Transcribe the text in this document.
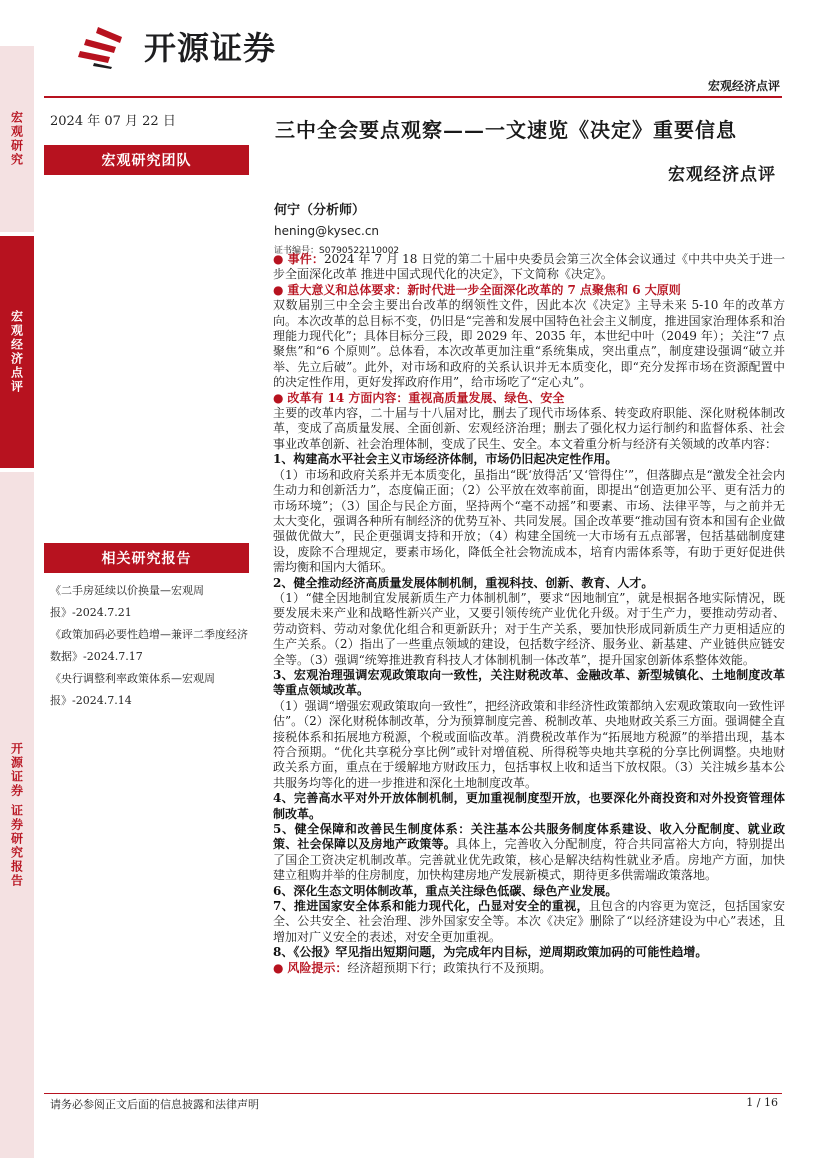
宏观研究
宏观经济点评
开源证券 证券研究报告
开源证券
宏观经济点评
2024 年 07 月 22 日	三中全会要点观察——一文速览《决定》重要信息
宏观经济点评
宏观研究团队
何宁（分析师）
hening@kysec.cn
证书编号：S0790522110002

● 事件：2024 年 7 月 18 日党的第二十届中央委员会第三次全体会议通过《中共中央关于进一步全面深化改革 推进中国式现代化的决定》，下文简称《决定》。

● 重大意义和总体要求：新时代进一步全面深化改革的 7 点聚焦和 6 大原则

双数届别三中全会主要出台改革的纲领性文件，因此本次《决定》主导未来 5-10 年的改革方向。本次改革的总目标不变，仍旧是“完善和发展中国特色社会主义制度，推进国家治理体系和治理能力现代化”；具体目标分三段，即 2029 年、2035 年，本世纪中叶（2049 年）；关注“7 点聚焦”和“6 个原则”。总体看，本次改革更加注重“系统集成，突出重点”，制度建设强调“破立并举、先立后破”。此外，对市场和政府的关系认识并无本质变化，即“充分发挥市场在资源配置中的决定性作用，更好发挥政府作用”，给市场吃了“定心丸”。

● 改革有 14 方面内容：重视高质量发展、绿色、安全

主要的改革内容，二十届与十八届对比，删去了现代市场体系、转变政府职能、深化财税体制改革，变成了高质量发展、全面创新、宏观经济治理；删去了强化权力运行制约和监督体系、社会事业改革创新、社会治理体制，变成了民生、安全。本文着重分析与经济有关领域的改革内容：

1、构建高水平社会主义市场经济体制，市场仍旧起决定性作用。

（1）市场和政府关系并无本质变化，虽指出“既‘放得活’又‘管得住’”，但落脚点是“激发全社会内生动力和创新活力”，态度偏正面；（2）公平放在效率前面，即提出“创造更加公平、更有活力的市场环境”；（3）国企与民企方面，坚持两个“毫不动摇”和要素、市场、法律平等，与之前并无太大变化，强调各种所有制经济的优势互补、共同发展。国企改革要“推动国有资本和国有企业做强做优做大”，民企更强调支持和开放；（4）构建全国统一大市场有五点部署，包括基础制度建设，废除不合理规定，要素市场化，降低全社会物流成本，培育内需体系等，有助于更好促进供需均衡和国内大循环。

2、健全推动经济高质量发展体制机制，重视科技、创新、教育、人才。

（1）“健全因地制宜发展新质生产力体制机制”，要求“因地制宜”，就是根据各地实际情况，既要发展未来产业和战略性新兴产业，又要引领传统产业优化升级。对于生产力，要推动劳动者、劳动资料、劳动对象优化组合和更新跃升；对于生产关系，要加快形成同新质生产力更相适应的生产关系。（2）指出了一些重点领域的建设，包括数字经济、服务业、新基建、产业链供应链安全等。（3）强调“统筹推进教育科技人才体制机制一体改革”，提升国家创新体系整体效能。

3、宏观治理强调宏观政策取向一致性，关注财税改革、金融改革、新型城镇化、土地制度改革等重点领域改革。

（1）强调“增强宏观政策取向一致性”，把经济政策和非经济性政策都纳入宏观政策取向一致性评估”。（2）深化财税体制改革，分为预算制度完善、税制改革、央地财政关系三方面。强调健全直接税体系和拓展地方税源，个税或面临改革。消费税改革作为“拓展地方税源”的举措出现，基本符合预期。“优化共享税分享比例”或针对增值税、所得税等央地共享税的分享比例调整。央地财政关系方面，重点在于缓解地方财政压力，包括事权上收和适当下放权限。（3）关注城乡基本公共服务均等化的进一步推进和深化土地制度改革。

4、完善高水平对外开放体制机制，更加重视制度型开放，也要深化外商投资和对外投资管理体制改革。

5、健全保障和改善民生制度体系：关注基本公共服务制度体系建设、收入分配制度、就业政策、社会保障以及房地产政策等。具体上，完善收入分配制度，符合共同富裕大方向，特别提出了国企工资决定机制改革。完善就业优先政策，核心是解决结构性就业矛盾。房地产方面，加快建立租购并举的住房制度，加快构建房地产发展新模式，期待更多供需端政策落地。

6、深化生态文明体制改革，重点关注绿色低碳、绿色产业发展。

7、推进国家安全体系和能力现代化，凸显对安全的重视，且包含的内容更为宽泛，包括国家安全、公共安全、社会治理、涉外国家安全等。本次《决定》删除了“以经济建设为中心”表述，且增加对广义安全的表述，对安全更加重视。

8、《公报》罕见指出短期问题，为完成年内目标，逆周期政策加码的可能性趋增。

● 风险提示：经济超预期下行；政策执行不及预期。

相关研究报告

《二手房延续以价换量—宏观周报》-2024.7.21

《政策加码必要性趋增—兼评二季度经济数据》-2024.7.17

《央行调整利率政策体系—宏观周报》-2024.7.14

请务必参阅正文后面的信息披露和法律声明	1 / 16
